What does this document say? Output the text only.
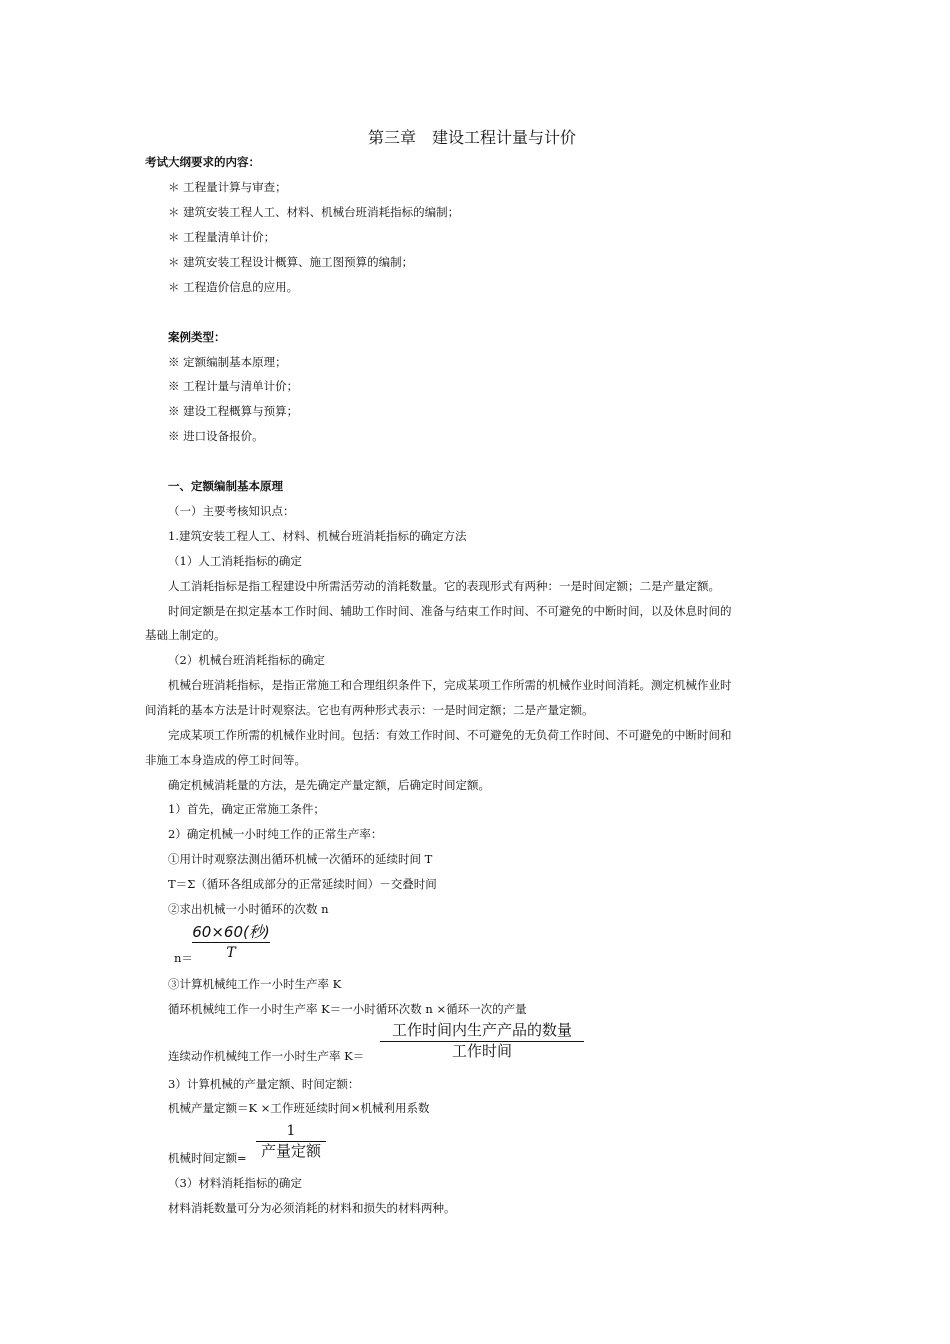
第三章　建设工程计量与计价
考试大纲要求的内容：
＊ 工程量计算与审查；
＊ 建筑安装工程人工、材料、机械台班消耗指标的编制；
＊ 工程量清单计价；
＊ 建筑安装工程设计概算、施工图预算的编制；
＊ 工程造价信息的应用。
案例类型：
※ 定额编制基本原理；
※ 工程计量与清单计价；
※ 建设工程概算与预算；
※ 进口设备报价。
一、定额编制基本原理
（一）主要考核知识点：
1.建筑安装工程人工、材料、机械台班消耗指标的确定方法
（1）人工消耗指标的确定
人工消耗指标是指工程建设中所需活劳动的消耗数量。它的表现形式有两种：一是时间定额；二是产量定额。
时间定额是在拟定基本工作时间、辅助工作时间、准备与结束工作时间、不可避免的中断时间，以及休息时间的
基础上制定的。
（2）机械台班消耗指标的确定
机械台班消耗指标，是指正常施工和合理组织条件下，完成某项工作所需的机械作业时间消耗。测定机械作业时
间消耗的基本方法是计时观察法。它也有两种形式表示：一是时间定额；二是产量定额。
完成某项工作所需的机械作业时间。包括：有效工作时间、不可避免的无负荷工作时间、不可避免的中断时间和
非施工本身造成的停工时间等。
确定机械消耗量的方法，是先确定产量定额，后确定时间定额。
1）首先，确定正常施工条件；
2）确定机械一小时纯工作的正常生产率：
①用计时观察法测出循环机械一次循环的延续时间 T
T＝Σ（循环各组成部分的正常延续时间）－交叠时间
②求出机械一小时循环的次数 n
n＝
60×60(秒)
T
③计算机械纯工作一小时生产率 K
循环机械纯工作一小时生产率 K＝一小时循环次数 n ×循环一次的产量
连续动作机械纯工作一小时生产率 K＝
工作时间内生产产品的数量
工作时间
3）计算机械的产量定额、时间定额：
机械产量定额＝K ×工作班延续时间×机械利用系数
机械时间定额=
1
产量定额
（3）材料消耗指标的确定
材料消耗数量可分为必须消耗的材料和损失的材料两种。
